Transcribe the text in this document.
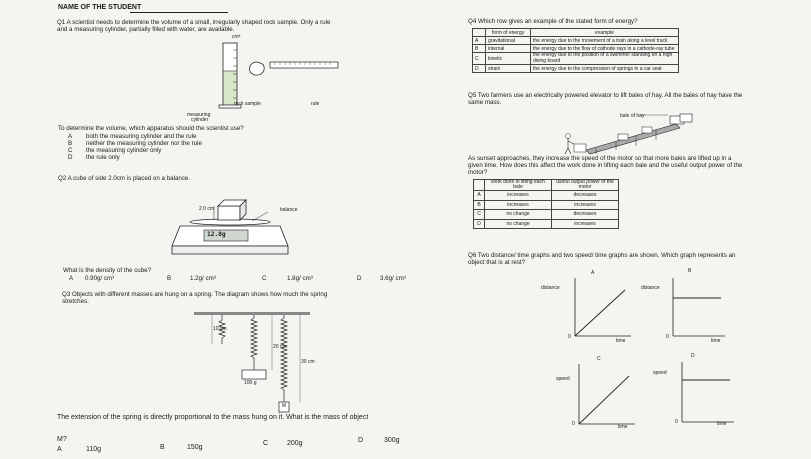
NAME OF THE STUDENT
Q1 A scientist needs to determine the volume of a small, irregularly shaped rock sample. Only a rule
and a measuring cylinder, partially filled with water, are available.
cm³
rock sample	rule
measuring
cylinder
To determine the volume, which apparatus should the scientist use?
A both the measuring cylinder and the rule
B neither the measuring cylinder nor the rule
C the measuring cylinder only
D the rule only
Q2 A cube of side 2.0cm is placed on a balance.
2.0 cm	balance
12.8g
What is the density of the cube?
A 0.90g/ cm³	B	1.2g/ cm³	C	1.8g/ cm³	D	3.6g/ cm³
Q3 Objects with different masses are hung on a spring. The diagram shows how much the spring
stretches.
10 cm
20 cm
30 cm
100 g
M
The extension of the spring is directly proportional to the mass hung on it. What is the mass of object
M?
A	110g	B	150g
C	200g	D	300g
Q4 Which row gives an example of the stated form of energy?
	form of energy	example
A	gravitational	the energy due to the movement of a train along a level track
B	internal	the energy due to the flow of cathode rays in a cathode-ray tube
C	kinetic	the energy due to the position of a swimmer standing on a high diving board
D	strain	the energy due to the compression of springs in a car seat
Q5 Two farmers use an electrically powered elevator to lift bales of hay. All the bales of hay have the
same mass.
bale of hay
As sunset approaches, they increase the speed of the motor so that more bales are lifted up in a
given time. How does this affect the work done in lifting each bale and the useful output power of the
motor?
	work done in lifting each bale	useful output power of the motor
A	increases	decreases
B	increases	increases
C	no change	decreases
D	no change	increases
Q6 Two distance/ time graphs and two speed/ time graphs are shown. Which graph represents an
object that is at rest?
A
distance
0
time
B
distance
0
time
C
speed
0	time
D
speed
0	time
